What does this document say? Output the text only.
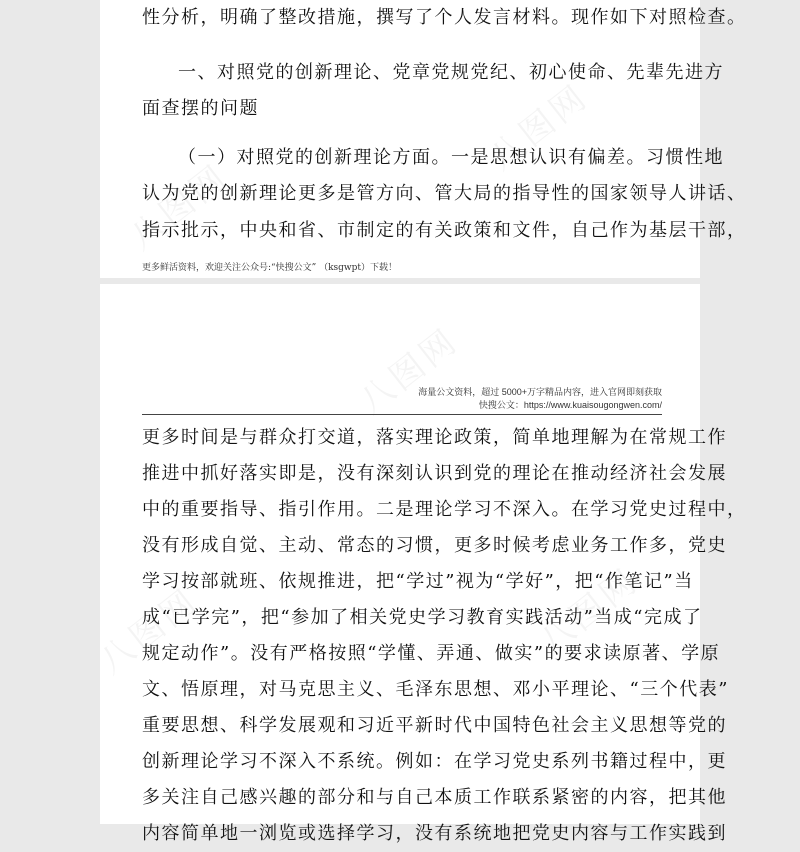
八图网
八图网
性分析，明确了整改措施，撰写了个人发言材料。现作如下对照检查。
一、对照党的创新理论、党章党规党纪、初心使命、先辈先进方
面查摆的问题
（一）对照党的创新理论方面。一是思想认识有偏差。习惯性地
认为党的创新理论更多是管方向、管大局的指导性的国家领导人讲话、
指示批示，中央和省、市制定的有关政策和文件，自己作为基层干部，
更多鲜活资料，欢迎关注公众号:“快搜公文” （ksgwpt）下载！
八图网
八图网	八图网
海量公文资料，超过 5000+万字精品内容，进入官网即刻获取
快搜公文：https://www.kuaisougongwen.com/
更多时间是与群众打交道，落实理论政策，简单地理解为在常规工作
推进中抓好落实即是，没有深刻认识到党的理论在推动经济社会发展
中的重要指导、指引作用。二是理论学习不深入。在学习党史过程中，
没有形成自觉、主动、常态的习惯，更多时候考虑业务工作多，党史
学习按部就班、依规推进，把“学过”视为“学好”，把“作笔记”当
成“已学完”，把“参加了相关党史学习教育实践活动”当成“完成了
规定动作”。没有严格按照“学懂、弄通、做实”的要求读原著、学原
文、悟原理，对马克思主义、毛泽东思想、邓小平理论、“三个代表”
重要思想、科学发展观和习近平新时代中国特色社会主义思想等党的
创新理论学习不深入不系统。例如：在学习党史系列书籍过程中，更
多关注自己感兴趣的部分和与自己本质工作联系紧密的内容，把其他
内容简单地一浏览或选择学习，没有系统地把党史内容与工作实践到
